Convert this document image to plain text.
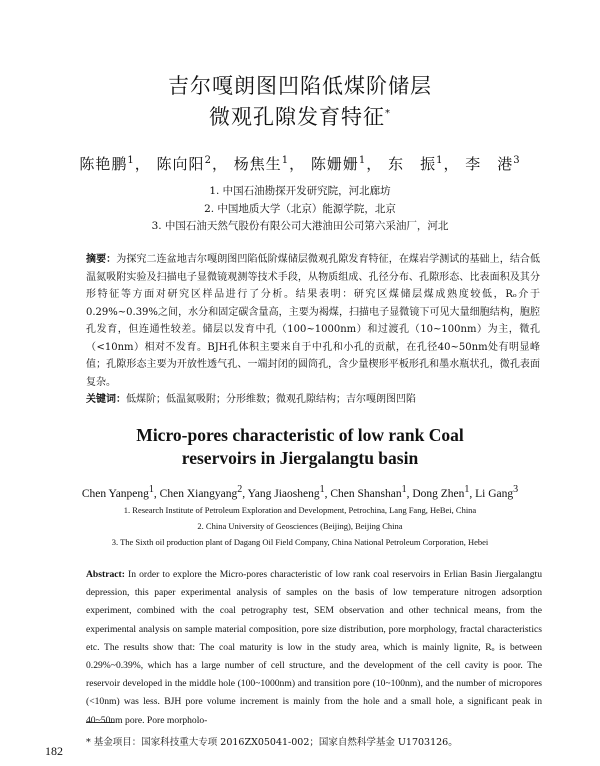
吉尔嘎朗图凹陷低煤阶储层
微观孔隙发育特征*
陈艳鹏$^1$， 陈向阳$^2$， 杨焦生$^1$， 陈姗姗$^1$， 东　振$^1$， 李　港$^3$
1. 中国石油勘探开发研究院，河北廊坊
2. 中国地质大学（北京）能源学院，北京
3. 中国石油天然气股份有限公司大港油田公司第六采油厂，河北
摘要：为探究二连盆地吉尔嘎朗图凹陷低阶煤储层微观孔隙发育特征，在煤岩学测试的基础上，结合低温氮吸附实验及扫描电子显微镜观测等技术手段，从物质组成、孔径分布、孔隙形态、比表面积及其分形特征等方面对研究区样品进行了分析。结果表明：研究区煤储层煤成熟度较低，Rₒ介于0.29%~0.39%之间，水分和固定碳含量高，主要为褐煤，扫描电子显微镜下可见大量细胞结构，胞腔孔发育，但连通性较差。储层以发育中孔（100~1000nm）和过渡孔（10~100nm）为主，微孔（<10nm）相对不发育。BJH孔体积主要来自于中孔和小孔的贡献，在孔径40~50nm处有明显峰值；孔隙形态主要为开放性透气孔、一端封闭的圆筒孔，含少量楔形平板形孔和墨水瓶状孔，微孔表面复杂。
关键词：低煤阶；低温氮吸附；分形维数；微观孔隙结构；吉尔嘎朗图凹陷
Micro-pores characteristic of low rank Coal
reservoirs in Jiergalangtu basin
Chen Yanpeng1, Chen Xiangyang2, Yang Jiaosheng1, Chen Shanshan1, Dong Zhen1, Li Gang3
1. Research Institute of Petroleum Exploration and Development, Petrochina, Lang Fang, HeBei, China
2. China University of Geosciences (Beijing), Beijing China
3. The Sixth oil production plant of Dagang Oil Field Company, China National Petroleum Corporation, Hebei
Abstract: In order to explore the Micro-pores characteristic of low rank coal reservoirs in Erlian Basin Jiergalangtu depression, this paper experimental analysis of samples on the basis of low temperature nitrogen adsorption experiment, combined with the coal petrography test, SEM observation and other technical means, from the experimental analysis on sample material composition, pore size distribution, pore morphology, fractal characteristics etc. The results show that: The coal maturity is low in the study area, which is mainly lignite, Rₒ is between 0.29%~0.39%, which has a large number of cell structure, and the development of the cell cavity is poor. The reservoir developed in the middle hole (100~1000nm) and transition pore (10~100nm), and the number of micropores (<10nm) was less. BJH pore volume increment is mainly from the hole and a small hole, a significant peak in 40~50nm pore. Pore morpholo-
* 基金项目：国家科技重大专项 2016ZX05041-002；国家自然科学基金 U1703126。
182
